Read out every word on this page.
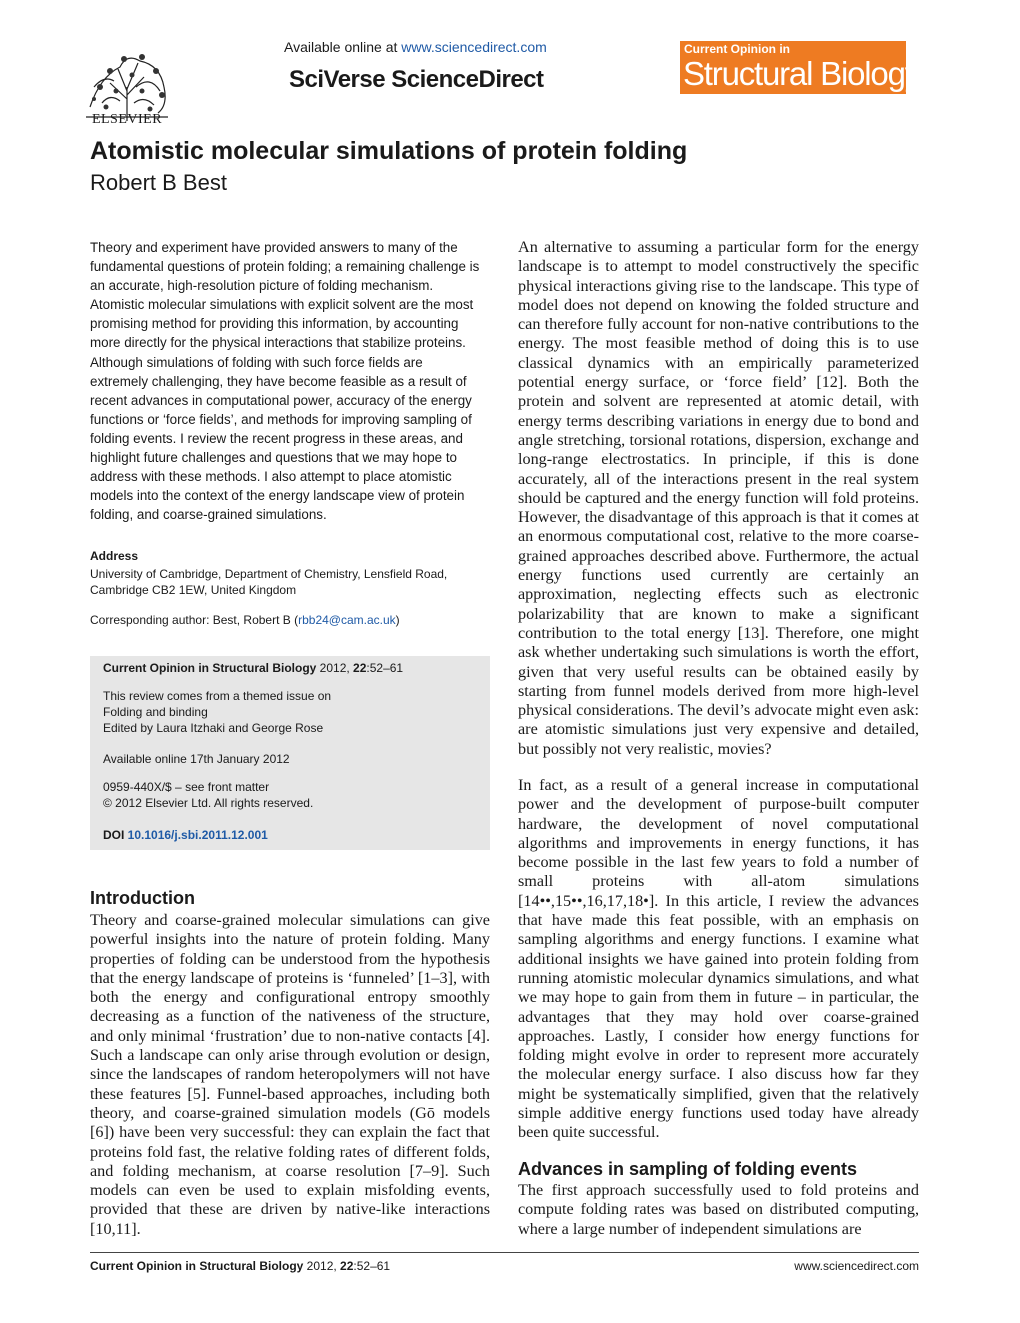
ELSEVIER
Available online at www.sciencedirect.com
SciVerse ScienceDirect
Current Opinion in
Structural Biology
Atomistic molecular simulations of protein folding
Robert B Best
Theory and experiment have provided answers to many of the fundamental questions of protein folding; a remaining challenge is an accurate, high-resolution picture of folding mechanism. Atomistic molecular simulations with explicit solvent are the most promising method for providing this information, by accounting more directly for the physical interactions that stabilize proteins. Although simulations of folding with such force fields are extremely challenging, they have become feasible as a result of recent advances in computational power, accuracy of the energy functions or ‘force fields’, and methods for improving sampling of folding events. I review the recent progress in these areas, and highlight future challenges and questions that we may hope to address with these methods. I also attempt to place atomistic models into the context of the energy landscape view of protein folding, and coarse-grained simulations.
Address
University of Cambridge, Department of Chemistry, Lensfield Road,
Cambridge CB2 1EW, United Kingdom
Corresponding author: Best, Robert B (rbb24@cam.ac.uk)
Current Opinion in Structural Biology 2012, 22:52–61
This review comes from a themed issue on
Folding and binding
Edited by Laura Itzhaki and George Rose
Available online 17th January 2012
0959-440X/$ – see front matter
© 2012 Elsevier Ltd. All rights reserved.
DOI 10.1016/j.sbi.2011.12.001
Introduction
Theory and coarse-grained molecular simulations can give powerful insights into the nature of protein folding. Many properties of folding can be understood from the hypothesis that the energy landscape of proteins is ‘funneled’ [1–3], with both the energy and configurational entropy smoothly decreasing as a function of the nativeness of the structure, and only minimal ‘frustration’ due to non-native contacts [4]. Such a landscape can only arise through evolution or design, since the landscapes of random heteropolymers will not have these features [5]. Funnel-based approaches, including both theory, and coarse-grained simulation models (Gō models [6]) have been very successful: they can explain the fact that proteins fold fast, the relative folding rates of different folds, and folding mechanism, at coarse resolution [7–9]. Such models can even be used to explain misfolding events, provided that these are driven by native-like interactions [10,11].
An alternative to assuming a particular form for the energy landscape is to attempt to model constructively the specific physical interactions giving rise to the landscape. This type of model does not depend on knowing the folded structure and can therefore fully account for non-native contributions to the energy. The most feasible method of doing this is to use classical dynamics with an empirically parameterized potential energy surface, or ‘force field’ [12]. Both the protein and solvent are represented at atomic detail, with energy terms describing variations in energy due to bond and angle stretching, torsional rotations, dispersion, exchange and long-range electrostatics. In principle, if this is done accurately, all of the interactions present in the real system should be captured and the energy function will fold proteins. However, the disadvantage of this approach is that it comes at an enormous computational cost, relative to the more coarse-grained approaches described above. Furthermore, the actual energy functions used currently are certainly an approximation, neglecting effects such as electronic polarizability that are known to make a significant contribution to the total energy [13]. Therefore, one might ask whether undertaking such simulations is worth the effort, given that very useful results can be obtained easily by starting from funnel models derived from more high-level physical considerations. The devil’s advocate might even ask: are atomistic simulations just very expensive and detailed, but possibly not very realistic, movies?
In fact, as a result of a general increase in computational power and the development of purpose-built computer hardware, the development of novel computational algorithms and improvements in energy functions, it has become possible in the last few years to fold a number of small proteins with all-atom simulations [14••,15••,16,17,18•]. In this article, I review the advances that have made this feat possible, with an emphasis on sampling algorithms and energy functions. I examine what additional insights we have gained into protein folding from running atomistic molecular dynamics simulations, and what we may hope to gain from them in future – in particular, the advantages that they may hold over coarse-grained approaches. Lastly, I consider how energy functions for folding might evolve in order to represent more accurately the molecular energy surface. I also discuss how far they might be systematically simplified, given that the relatively simple additive energy functions used today have already been quite successful.
Advances in sampling of folding events
The first approach successfully used to fold proteins and compute folding rates was based on distributed computing, where a large number of independent simulations are
Current Opinion in Structural Biology 2012, 22:52–61	www.sciencedirect.com
